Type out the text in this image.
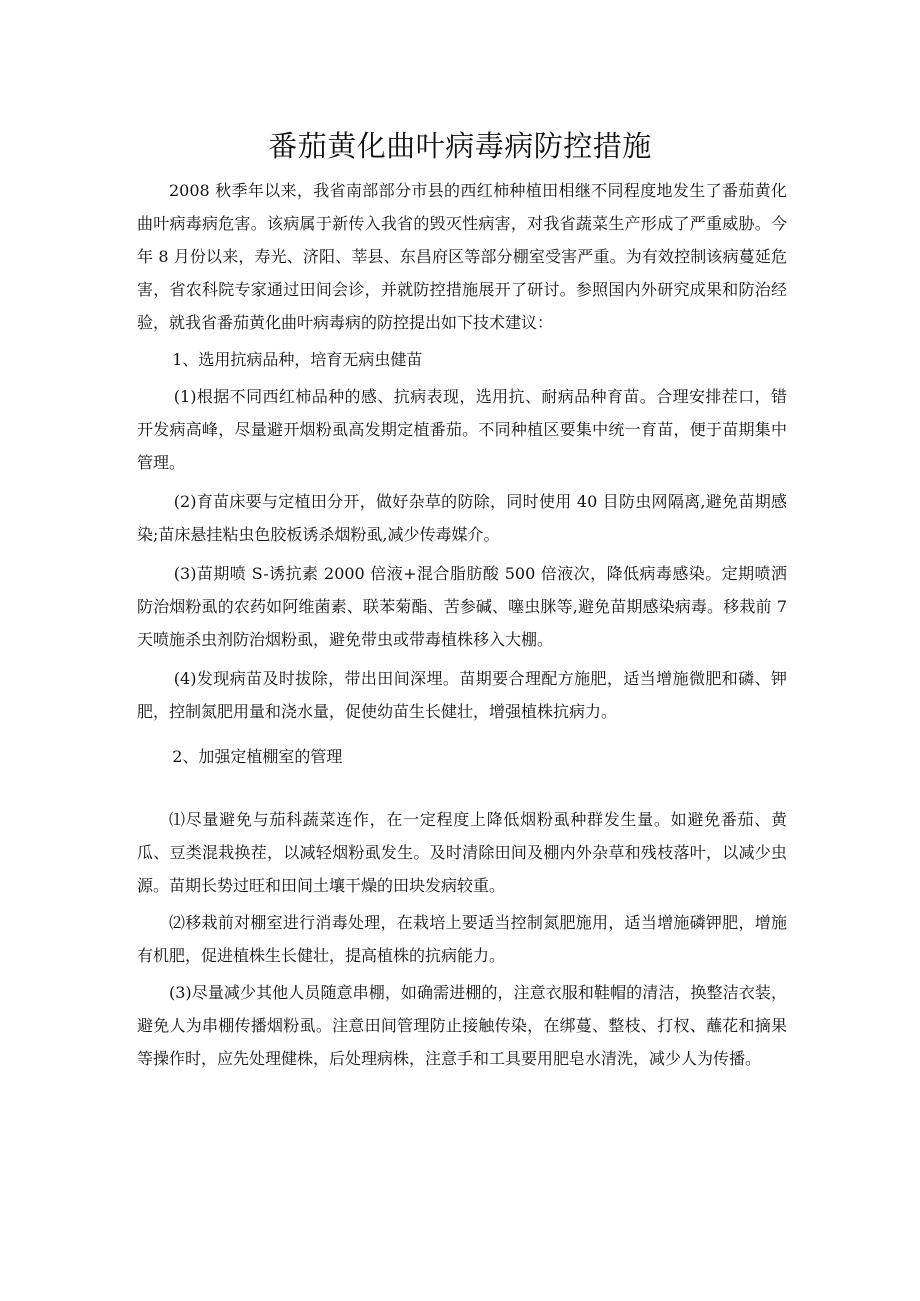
番茄黄化曲叶病毒病防控措施

2008 秋季年以来，我省南部部分市县的西红柿种植田相继不同程度地发生了番茄黄化曲叶病毒病危害。该病属于新传入我省的毁灭性病害，对我省蔬菜生产形成了严重威胁。今年 8 月份以来，寿光、济阳、莘县、东昌府区等部分棚室受害严重。为有效控制该病蔓延危害，省农科院专家通过田间会诊，并就防控措施展开了研讨。参照国内外研究成果和防治经验，就我省番茄黄化曲叶病毒病的防控提出如下技术建议：

1、选用抗病品种，培育无病虫健苗

(1)根据不同西红柿品种的感、抗病表现，选用抗、耐病品种育苗。合理安排茬口，错开发病高峰，尽量避开烟粉虱高发期定植番茄。不同种植区要集中统一育苗，便于苗期集中管理。

(2)育苗床要与定植田分开，做好杂草的防除，同时使用 40 目防虫网隔离,避免苗期感染;苗床悬挂粘虫色胶板诱杀烟粉虱,减少传毒媒介。

(3)苗期喷 S-诱抗素 2000 倍液+混合脂肪酸 500 倍液次，降低病毒感染。定期喷洒防治烟粉虱的农药如阿维菌素、联苯菊酯、苦参碱、噻虫脒等,避免苗期感染病毒。移栽前 7 天喷施杀虫剂防治烟粉虱，避免带虫或带毒植株移入大棚。

(4)发现病苗及时拔除，带出田间深埋。苗期要合理配方施肥，适当增施微肥和磷、钾肥，控制氮肥用量和浇水量，促使幼苗生长健壮，增强植株抗病力。

2、加强定植棚室的管理

⑴尽量避免与茄科蔬菜连作，在一定程度上降低烟粉虱种群发生量。如避免番茄、黄瓜、豆类混栽换茬，以减轻烟粉虱发生。及时清除田间及棚内外杂草和残枝落叶，以减少虫源。苗期长势过旺和田间土壤干燥的田块发病较重。

⑵移栽前对棚室进行消毒处理，在栽培上要适当控制氮肥施用，适当增施磷钾肥，增施有机肥，促进植株生长健壮，提高植株的抗病能力。

(3)尽量减少其他人员随意串棚，如确需进棚的，注意衣服和鞋帽的清洁，换整洁衣装，避免人为串棚传播烟粉虱。注意田间管理防止接触传染，在绑蔓、整枝、打杈、蘸花和摘果等操作时，应先处理健株，后处理病株，注意手和工具要用肥皂水清洗，减少人为传播。
